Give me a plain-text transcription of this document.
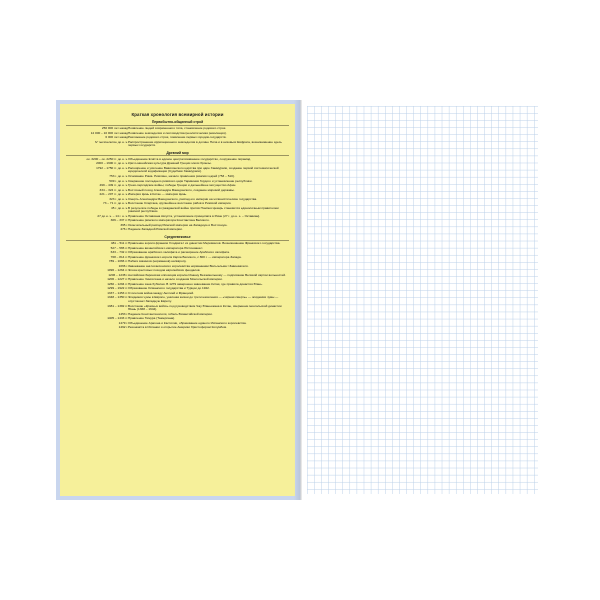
Краткая хронология всемирной истории
Первобытно-общинный строй
250 000 лет назад	Появление людей современного типа, становление родового строя.
12 000 – 10 000 лет назад	Появление земледелия и скотоводства (неолитическая революция).
6 000 лет назад	Разложение родового строя, появление первых городов-государств.
IV тысячелетие до н. э.	Распространение ирригационного земледелия в долине Нила и в низовьях Евфрата, возникновение здесь первых государств.
Древний мир
ок. 3200 – ок. 2250 гг. до н. э.	Объединение Египта в единое централизованное государство, сооружение пирамид.
2000 – 1900 гг. до н. э.	Крито-минойская культура Древней Греции эпохи бронзы.
1792 – 1750 гг. до н. э.	Расширение и усиление Вавилонского царства при царе Хаммурапи, создание первой систематической юридической кодификации (Судебник Хаммурапи).
753 г. до н. э.	Основание Рима. Римляне, начало правления римских царей (753 – 510).
509 г. до н. э.	Свержение последнего римского царя Тарквиния Гордого и установление республики.
499 – 449 гг. до н. э.	Греко-персидские войны; победы Греции и дальнейшее могущество Афин.
334 – 324 гг. до н. э.	Восточный поход Александра Македонского, создание мировой державы.
221 – 207 гг. до н. э.	Империя Цинь в Китае — империя Цинь.
323 г. до н. э.	Смерть Александра Македонского, распад его империи на эллинистические государства.
73 – 71 гг. до н. э.	Восстание Спартака, крупнейшее восстание рабов в Римской империи.
45 г. до н. э.	В результате победы в гражданской войне против Помпея Цезарь становится единоличным правителем римской республики.
27 до н. э. – 14 г. н. э.	Правление Октавиана Августа, установление принципата в Риме (27 г. до н. э. – Октавиан).
306 – 337 гг.	Правление римского императора Константина Великого.
395 г.	Окончательный распад Римской империи на Западную и Восточную.
476 г.	Падение Западной Римской империи.
Средневековье
481 – 511 гг.	Правление короля франков Хлодвига I из династии Меровингов. Возникновение Франкского государства.
527 – 565 гг.	Правление византийского императора Юстиниана I.
633 – 732 гг.	Образование арабского халифата и расширение Арабского халифата.
768 – 814 гг.	Правление франкского короля Карла Великого, с 800 г. — императора Запада.
789 – 1066 гг.	Набеги викингов (норманнов) на Европу.
1066 г.	Завоевание англосаксонского королевства норманнами Вильгельма I Завоевателя.
1096 – 1264 гг.	Эпоха крестовых походов европейских феодалов.
1206 – 1238 г.	Английская баронская оппозиция королю Иоанну Безземельному — подписание Великой хартии вольностей.
1206 – 1227 гг.	Правление Чингисхана и начало создания Монгольской империи.
1260 – 1294 гг.	Правление хана Хубилая. В 1279 завершено завоевание Китая, где правила династия Юань.
1299 – 1922 гг.	Образование Османского государства и Турции до 1922.
1337 – 1453 гг.	Столетняя война между Англией и Францией.
1348 – 1350 гг.	Эпидемия чумы в Европе, унёсшая жизни до трети населения — «чёрная смерть» — эпидемия чумы — опустошает Западную Европу.
1381 – 1382 гг.	Восстание «Красных войск» под руководством Чжу Юаньчжана в Китае, свержение монгольской династии Юань (1368 – 1644).
1453 г.	Падение Константинополя, гибель Византийской империи.
1405 – 1433 гг.	Правление Тимура (Тамерлана).
1479 г.	Объединение Арагона и Кастилии, образование единого Испанского королевства.
1492 г.	Реконкиста в Испании и открытие Америки Христофором Колумбом.
